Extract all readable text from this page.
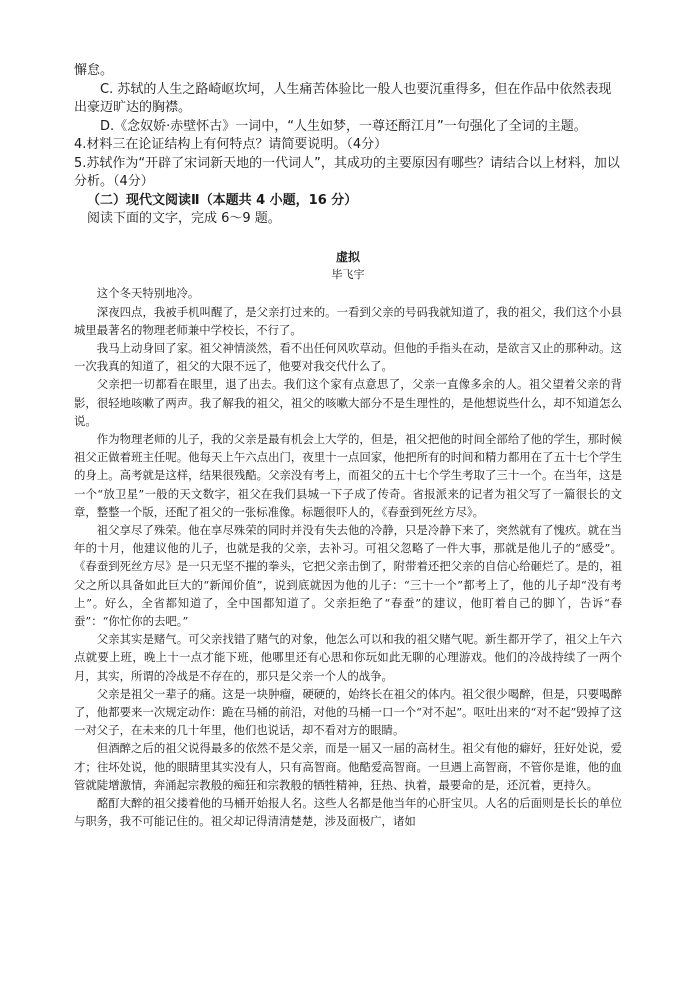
懈怠。

C. 苏轼的人生之路崎岖坎坷，人生痛苦体验比一般人也要沉重得多，但在作品中依然表现出豪迈旷达的胸襟。

D.《念奴娇·赤壁怀古》一词中，“人生如梦，一尊还酹江月”一句强化了全词的主题。

4.材料三在论证结构上有何特点？请简要说明。（4分）

5.苏轼作为“开辟了宋词新天地的一代词人”，其成功的主要原因有哪些？请结合以上材料，加以分析。（4分）

（二）现代文阅读Ⅱ（本题共 4 小题，16 分）

阅读下面的文字，完成 6～9 题。

虚拟

毕飞宇

这个冬天特别地冷。

深夜四点，我被手机叫醒了，是父亲打过来的。一看到父亲的号码我就知道了，我的祖父，我们这个小县城里最著名的物理老师兼中学校长，不行了。

我马上动身回了家。祖父神情淡然，看不出任何风吹草动。但他的手指头在动，是欲言又止的那种动。这一次我真的知道了，祖父的大限不远了，他要对我交代什么了。

父亲把一切都看在眼里，退了出去。我们这个家有点意思了，父亲一直像多余的人。祖父望着父亲的背影，很轻地咳嗽了两声。我了解我的祖父，祖父的咳嗽大部分不是生理性的，是他想说些什么，却不知道怎么说。

作为物理老师的儿子，我的父亲是最有机会上大学的，但是，祖父把他的时间全部给了他的学生，那时候祖父正做着班主任呢。他每天上午六点出门，夜里十一点回家，他把所有的时间和精力都用在了五十七个学生的身上。高考就是这样，结果很残酷。父亲没有考上，而祖父的五十七个学生考取了三十一个。在当年，这是一个“放卫星”一般的天文数字，祖父在我们县城一下子成了传奇。省报派来的记者为祖父写了一篇很长的文章，整整一个版，还配了祖父的一张标准像。标题很吓人的，《春蚕到死丝方尽》。

祖父享尽了殊荣。他在享尽殊荣的同时并没有失去他的冷静，只是冷静下来了，突然就有了愧疚。就在当年的十月，他建议他的儿子，也就是我的父亲，去补习。可祖父忽略了一件大事，那就是他儿子的“感受”。《春蚕到死丝方尽》是一只无坚不摧的拳头，它把父亲击倒了，附带着还把父亲的自信心给砸烂了。是的，祖父之所以具备如此巨大的“新闻价值”，说到底就因为他的儿子：“三十一个”都考上了，他的儿子却“没有考上”。好么，全省都知道了，全中国都知道了。父亲拒绝了“春蚕”的建议，他盯着自己的脚丫，告诉“春蚕”：“你忙你的去吧。”

父亲其实是赌气。可父亲找错了赌气的对象，他怎么可以和我的祖父赌气呢。新生都开学了，祖父上午六点就要上班，晚上十一点才能下班，他哪里还有心思和你玩如此无聊的心理游戏。他们的冷战持续了一两个月，其实，所谓的冷战是不存在的，那只是父亲一个人的战争。

父亲是祖父一辈子的痛。这是一块肿瘤，硬硬的，始终长在祖父的体内。祖父很少喝醉，但是，只要喝醉了，他都要来一次规定动作：跪在马桶的前沿，对他的马桶一口一个“对不起”。呕吐出来的“对不起”毁掉了这一对父子，在未来的几十年里，他们也说话，却不看对方的眼睛。

但酒醉之后的祖父说得最多的依然不是父亲，而是一届又一届的高材生。祖父有他的癖好，狂好处说，爱才；往坏处说，他的眼睛里其实没有人，只有高智商。他酷爱高智商。一旦遇上高智商，不管你是谁，他的血管就陡增激情，奔涌起宗教般的痴狂和宗教般的牺牲精神，狂热、执着，最要命的是，还沉着，更持久。

酩酊大醉的祖父搂着他的马桶开始报人名。这些人名都是他当年的心肝宝贝。人名的后面则是长长的单位与职务，我不可能记住的。祖父却记得清清楚楚，涉及面极广，诸如
